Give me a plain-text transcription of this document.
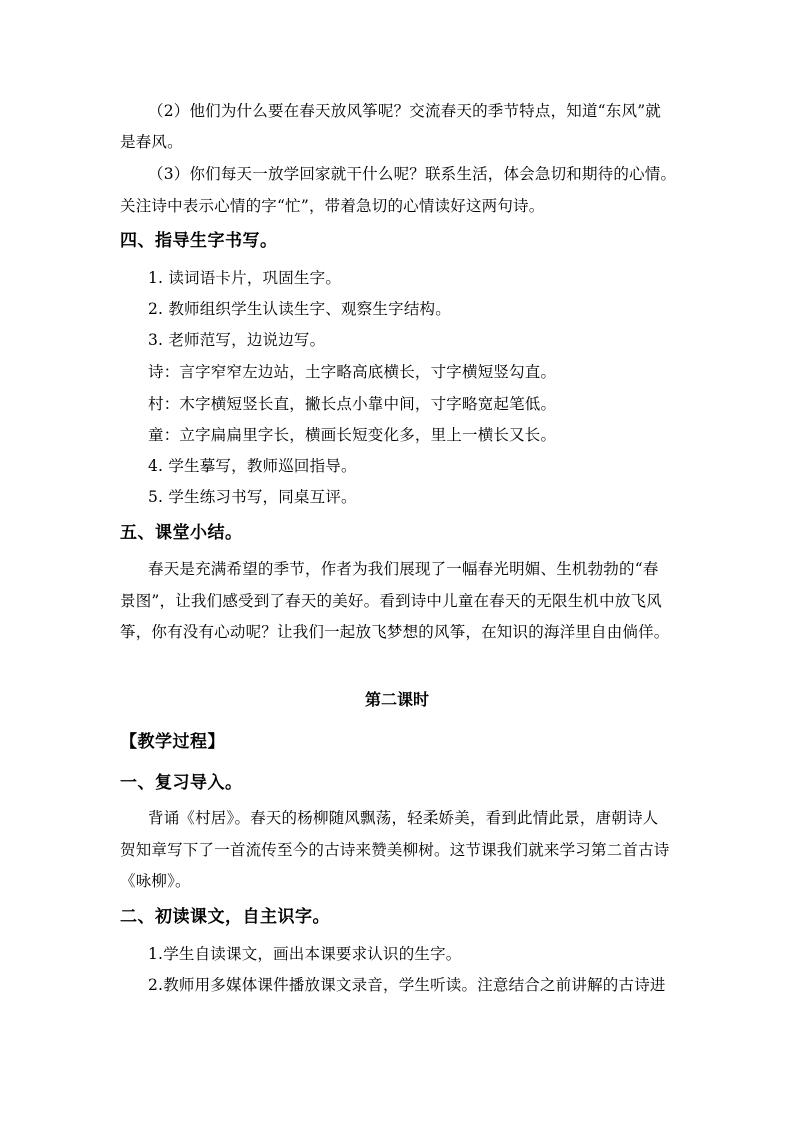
（2）他们为什么要在春天放风筝呢？交流春天的季节特点，知道“东风”就
是春风。
（3）你们每天一放学回家就干什么呢？联系生活，体会急切和期待的心情。
关注诗中表示心情的字“忙”，带着急切的心情读好这两句诗。
四、指导生字书写。
1. 读词语卡片，巩固生字。
2. 教师组织学生认读生字、观察生字结构。
3. 老师范写，边说边写。
诗：言字窄窄左边站，土字略高底横长，寸字横短竖勾直。
村：木字横短竖长直，撇长点小靠中间，寸字略宽起笔低。
童：立字扁扁里字长，横画长短变化多，里上一横长又长。
4. 学生摹写，教师巡回指导。
5. 学生练习书写，同桌互评。
五、课堂小结。
春天是充满希望的季节，作者为我们展现了一幅春光明媚、生机勃勃的“春
景图”，让我们感受到了春天的美好。看到诗中儿童在春天的无限生机中放飞风
筝，你有没有心动呢？让我们一起放飞梦想的风筝，在知识的海洋里自由倘佯。
第二课时
【教学过程】
一、复习导入。
背诵《村居》。春天的杨柳随风飘荡，轻柔娇美，看到此情此景，唐朝诗人
贺知章写下了一首流传至今的古诗来赞美柳树。这节课我们就来学习第二首古诗
《咏柳》。
二、初读课文，自主识字。
1.学生自读课文，画出本课要求认识的生字。
2.教师用多媒体课件播放课文录音，学生听读。注意结合之前讲解的古诗进
